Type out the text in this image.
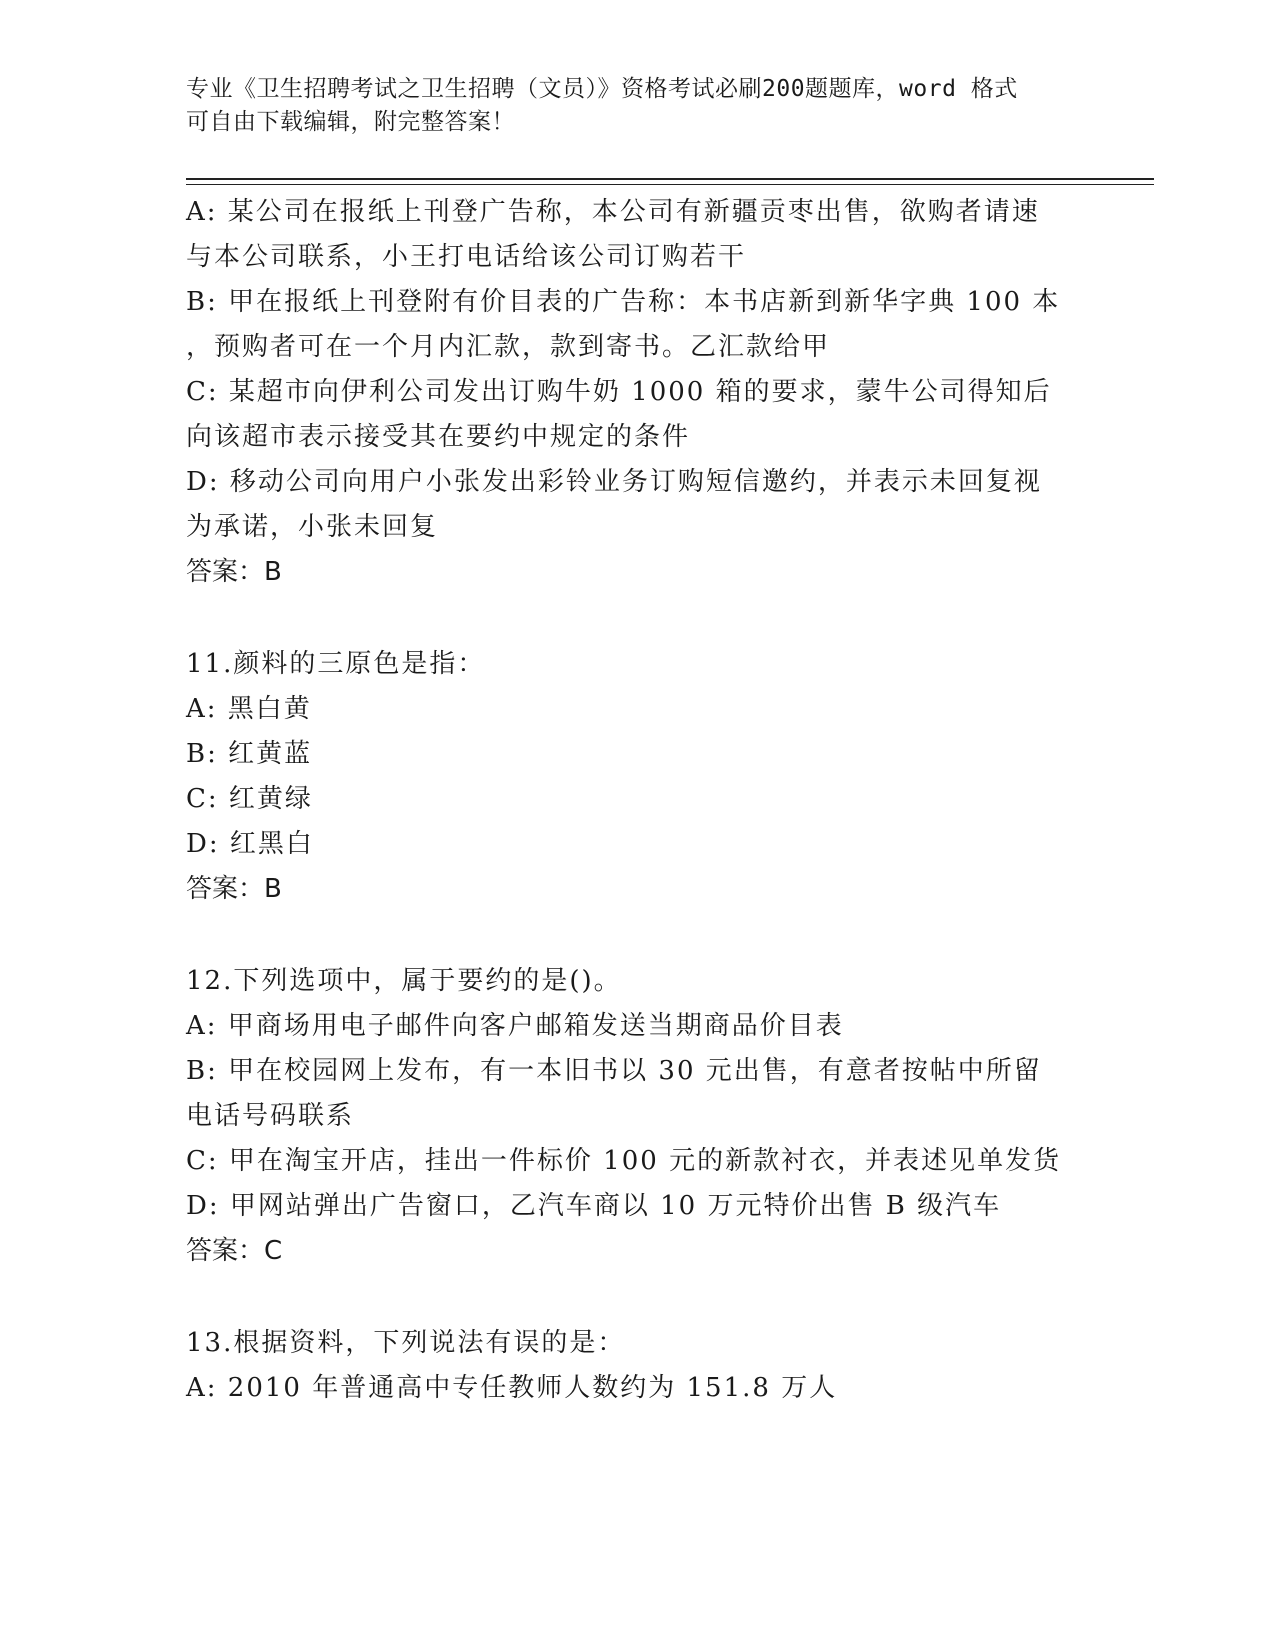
专业《卫生招聘考试之卫生招聘（文员）》资格考试必刷200题题库，word 格式
可自由下载编辑，附完整答案！
A: 某公司在报纸上刊登广告称，本公司有新疆贡枣出售，欲购者请速
与本公司联系，小王打电话给该公司订购若干
B: 甲在报纸上刊登附有价目表的广告称：本书店新到新华字典 100 本
，预购者可在一个月内汇款，款到寄书。乙汇款给甲
C: 某超市向伊利公司发出订购牛奶 1000 箱的要求，蒙牛公司得知后
向该超市表示接受其在要约中规定的条件
D: 移动公司向用户小张发出彩铃业务订购短信邀约，并表示未回复视
为承诺，小张未回复
答案：B
11.颜料的三原色是指：
A: 黑白黄
B: 红黄蓝
C: 红黄绿
D: 红黑白
答案：B
12.下列选项中，属于要约的是()。
A: 甲商场用电子邮件向客户邮箱发送当期商品价目表
B: 甲在校园网上发布，有一本旧书以 30 元出售，有意者按帖中所留
电话号码联系
C: 甲在淘宝开店，挂出一件标价 100 元的新款衬衣，并表述见单发货
D: 甲网站弹出广告窗口，乙汽车商以 10 万元特价出售 B 级汽车
答案：C
13.根据资料，下列说法有误的是：
A: 2010 年普通高中专任教师人数约为 151.8 万人
